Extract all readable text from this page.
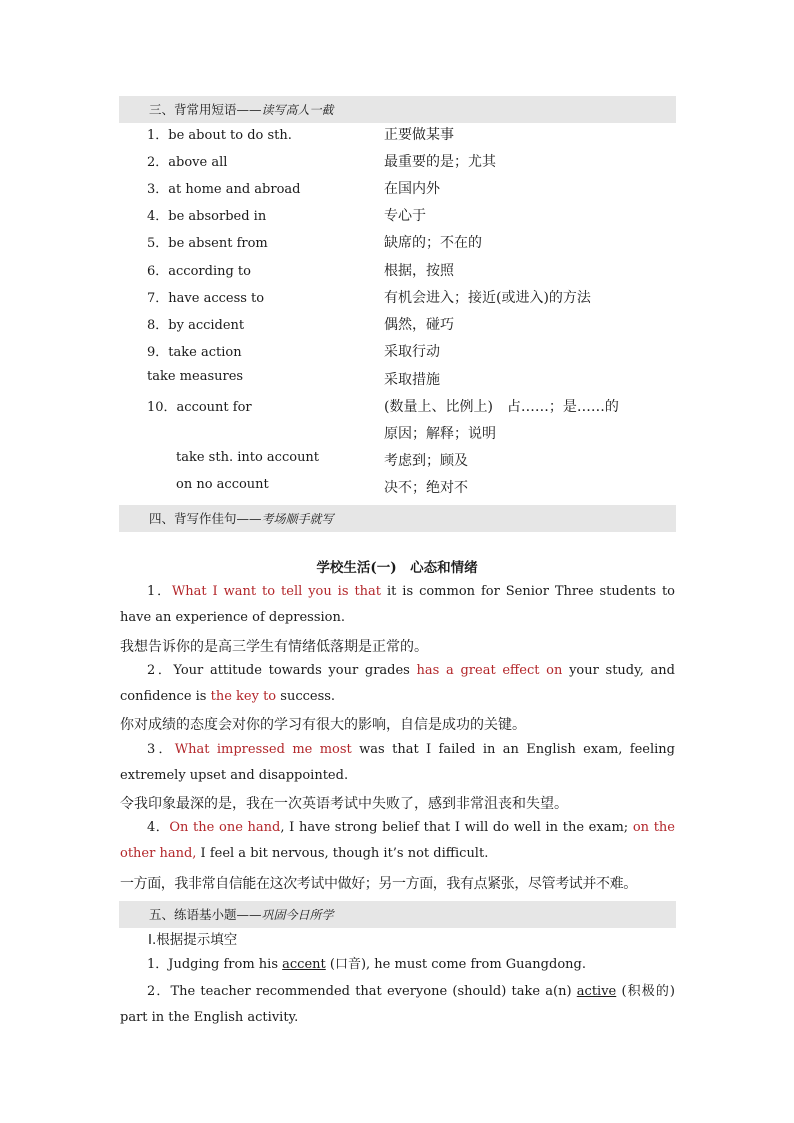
三、背常用短语——读写高人一截
1．be about to do sth.	正要做某事
2．above all	最重要的是；尤其
3．at home and abroad	在国内外
4．be absorbed in	专心于
5．be absent from	缺席的；不在的
6．according to	根据，按照
7．have access to	有机会进入；接近(或进入)的方法
8．by accident	偶然，碰巧
9．take action	采取行动
take measures	采取措施
10．account for	(数量上、比例上)　占……；是……的
原因；解释；说明
take sth. into account	考虑到；顾及
on no account	决不；绝对不
四、背写作佳句——考场顺手就写
学校生活(一)　心态和情绪
1．What I want to tell you is that it is common for Senior Three students to have an experience of depression.
我想告诉你的是高三学生有情绪低落期是正常的。
2．Your attitude towards your grades has a great effect on your study, and confidence is the key to success.
你对成绩的态度会对你的学习有很大的影响，自信是成功的关键。
3．What impressed me most was that I failed in an English exam, feeling extremely upset and disappointed.
令我印象最深的是，我在一次英语考试中失败了，感到非常沮丧和失望。
4．On the one hand, I have strong belief that I will do well in the exam; on the other hand, I feel a bit nervous, though it’s not difficult.
一方面，我非常自信能在这次考试中做好；另一方面，我有点紧张，尽管考试并不难。
五、练语基小题——巩固今日所学
Ⅰ.根据提示填空
1．Judging from his accent (口音), he must come from Guangdong.
2．The teacher recommended that everyone (should) take a(n) active (积极的) part in the English activity.
